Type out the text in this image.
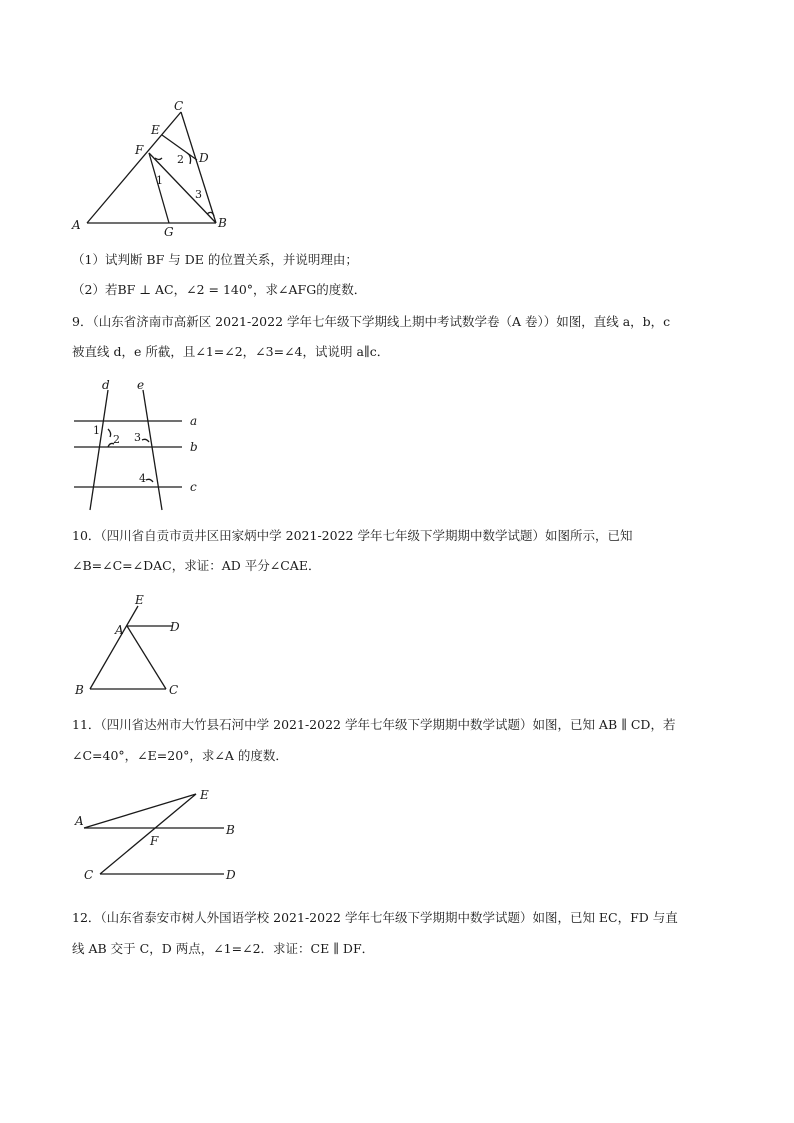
A	B
C
D
E
F
G
1
2
3
（1）试判断 BF 与 DE 的位置关系，并说明理由；
（2）若BF ⊥ AC，∠2 = 140°，求∠AFG的度数．
9．（山东省济南市高新区 2021-2022 学年七年级下学期线上期中考试数学卷（A 卷））如图，直线 a，b，c
被直线 d，e 所截，且∠1=∠2，∠3=∠4，试说明 a∥c．
d e
a
b
c
1
2 3
4
10．（四川省自贡市贡井区田家炳中学 2021-2022 学年七年级下学期期中数学试题）如图所示，已知
∠B=∠C=∠DAC，求证：AD 平分∠CAE．
A
B	C
D
E
11．（四川省达州市大竹县石河中学 2021-2022 学年七年级下学期期中数学试题）如图，已知 AB ∥ CD，若
∠C=40°，∠E=20°，求∠A 的度数．
A
B
C	D
E
F
12．（山东省泰安市树人外国语学校 2021-2022 学年七年级下学期期中数学试题）如图，已知 EC，FD 与直
线 AB 交于 C，D 两点，∠1=∠2．求证：CE ∥ DF．
